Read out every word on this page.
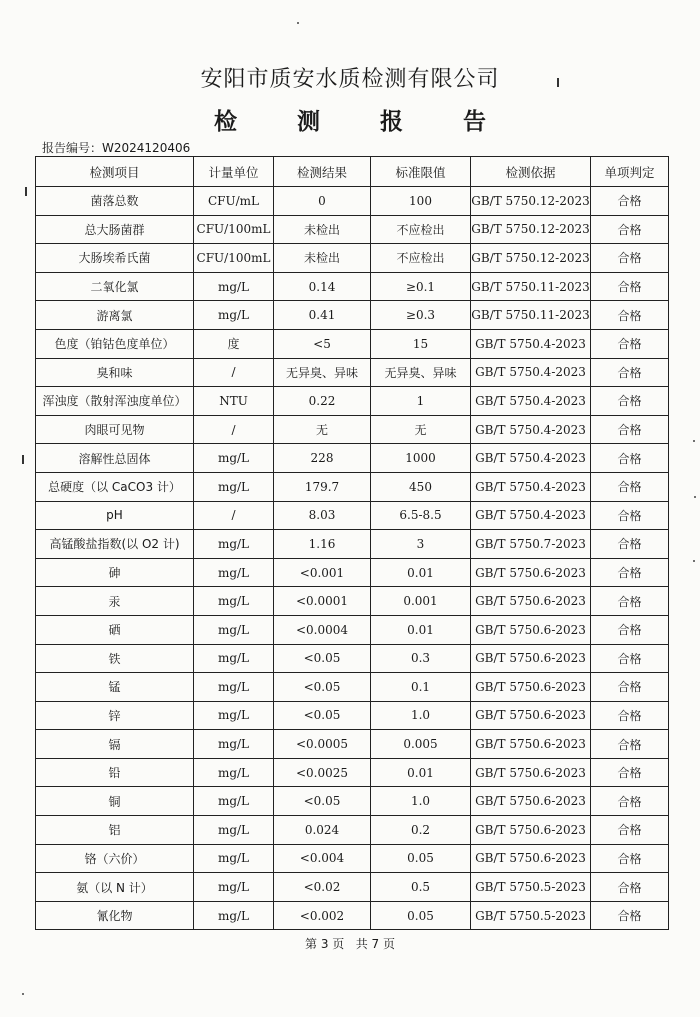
安阳市质安水质检测有限公司
检 测 报 告
报告编号：W2024120406
检测项目	计量单位	检测结果	标准限值	检测依据	单项判定
菌落总数	CFU/mL	0	100	GB/T 5750.12-2023	合格
总大肠菌群	CFU/100mL	未检出	不应检出	GB/T 5750.12-2023	合格
大肠埃希氏菌	CFU/100mL	未检出	不应检出	GB/T 5750.12-2023	合格
二氧化氯	mg/L	0.14	≥0.1	GB/T 5750.11-2023	合格
游离氯	mg/L	0.41	≥0.3	GB/T 5750.11-2023	合格
色度（铂钴色度单位）	度	<5	15	GB/T 5750.4-2023	合格
臭和味	/	无异臭、异味	无异臭、异味	GB/T 5750.4-2023	合格
浑浊度（散射浑浊度单位）	NTU	0.22	1	GB/T 5750.4-2023	合格
肉眼可见物	/	无	无	GB/T 5750.4-2023	合格
溶解性总固体	mg/L	228	1000	GB/T 5750.4-2023	合格
总硬度（以 CaCO3 计）	mg/L	179.7	450	GB/T 5750.4-2023	合格
pH	/	8.03	6.5-8.5	GB/T 5750.4-2023	合格
高锰酸盐指数(以 O2 计)	mg/L	1.16	3	GB/T 5750.7-2023	合格
砷	mg/L	<0.001	0.01	GB/T 5750.6-2023	合格
汞	mg/L	<0.0001	0.001	GB/T 5750.6-2023	合格
硒	mg/L	<0.0004	0.01	GB/T 5750.6-2023	合格
铁	mg/L	<0.05	0.3	GB/T 5750.6-2023	合格
锰	mg/L	<0.05	0.1	GB/T 5750.6-2023	合格
锌	mg/L	<0.05	1.0	GB/T 5750.6-2023	合格
镉	mg/L	<0.0005	0.005	GB/T 5750.6-2023	合格
铅	mg/L	<0.0025	0.01	GB/T 5750.6-2023	合格
铜	mg/L	<0.05	1.0	GB/T 5750.6-2023	合格
铝	mg/L	0.024	0.2	GB/T 5750.6-2023	合格
铬（六价）	mg/L	<0.004	0.05	GB/T 5750.6-2023	合格
氨（以 N 计）	mg/L	<0.02	0.5	GB/T 5750.5-2023	合格
氰化物	mg/L	<0.002	0.05	GB/T 5750.5-2023	合格
第 3 页 共 7 页
